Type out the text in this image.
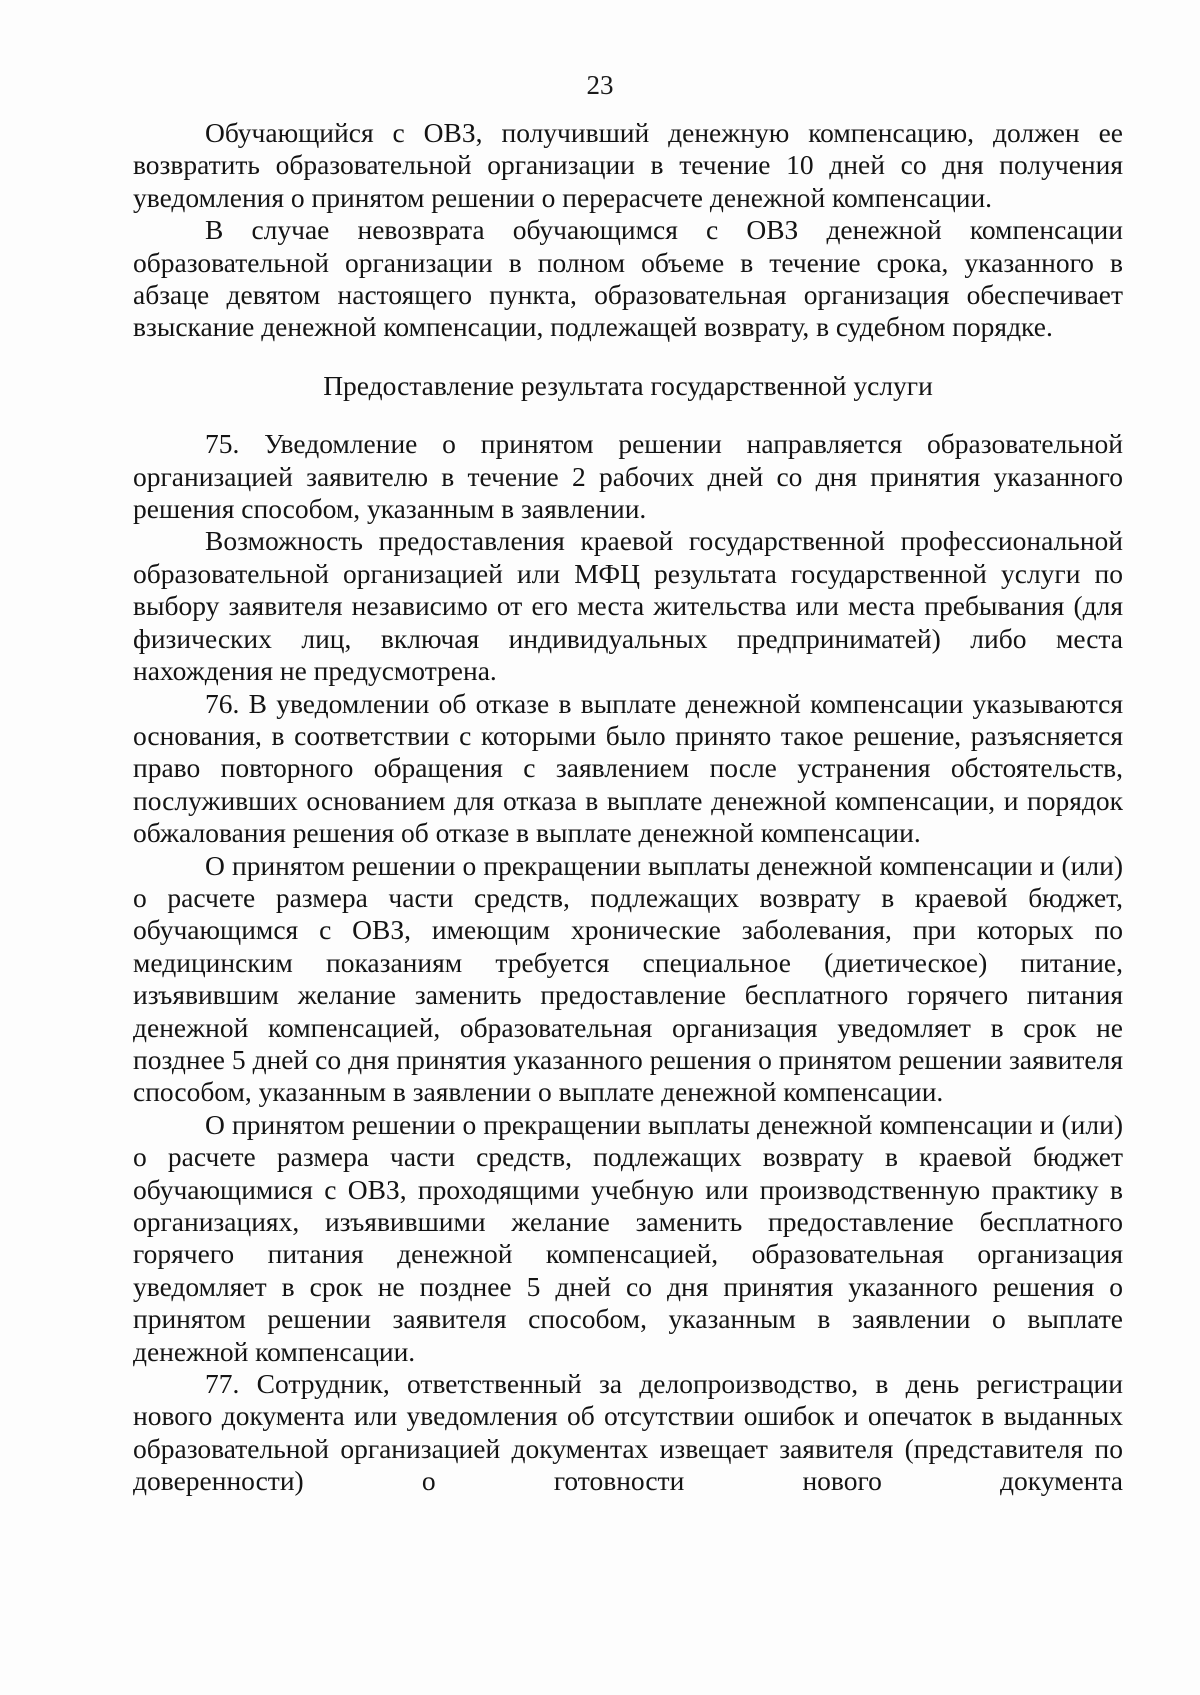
23

Обучающийся с ОВЗ, получивший денежную компенсацию, должен ее возвратить образовательной организации в течение 10 дней со дня получения уведомления о принятом решении о перерасчете денежной компенсации.

В случае невозврата обучающимся с ОВЗ денежной компенсации образовательной организации в полном объеме в течение срока, указанного в абзаце девятом настоящего пункта, образовательная организация обеспечивает взыскание денежной компенсации, подлежащей возврату, в судебном порядке.

Предоставление результата государственной услуги

75. Уведомление о принятом решении направляется образовательной организацией заявителю в течение 2 рабочих дней со дня принятия указанного решения способом, указанным в заявлении.

Возможность предоставления краевой государственной профессиональной образовательной организацией или МФЦ результата государственной услуги по выбору заявителя независимо от его места жительства или места пребывания (для физических лиц, включая индивидуальных предприниматей) либо места нахождения не предусмотрена.

76. В уведомлении об отказе в выплате денежной компенсации указываются основания, в соответствии с которыми было принято такое решение, разъясняется право повторного обращения с заявлением после устранения обстоятельств, послуживших основанием для отказа в выплате денежной компенсации, и порядок обжалования решения об отказе в выплате денежной компенсации.

О принятом решении о прекращении выплаты денежной компенсации и (или) о расчете размера части средств, подлежащих возврату в краевой бюджет, обучающимся с ОВЗ, имеющим хронические заболевания, при которых по медицинским показаниям требуется специальное (диетическое) питание, изъявившим желание заменить предоставление бесплатного горячего питания денежной компенсацией, образовательная организация уведомляет в срок не позднее 5 дней со дня принятия указанного решения о принятом решении заявителя способом, указанным в заявлении о выплате денежной компенсации.

О принятом решении о прекращении выплаты денежной компенсации и (или) о расчете размера части средств, подлежащих возврату в краевой бюджет обучающимися с ОВЗ, проходящими учебную или производственную практику в организациях, изъявившими желание заменить предоставление бесплатного горячего питания денежной компенсацией, образовательная организация уведомляет в срок не позднее 5 дней со дня принятия указанного решения о принятом решении заявителя способом, указанным в заявлении о выплате денежной компенсации.

77. Сотрудник, ответственный за делопроизводство, в день регистрации нового документа или уведомления об отсутствии ошибок и опечаток в выданных образовательной организацией документах извещает заявителя (представителя по доверенности) о готовности нового документа
